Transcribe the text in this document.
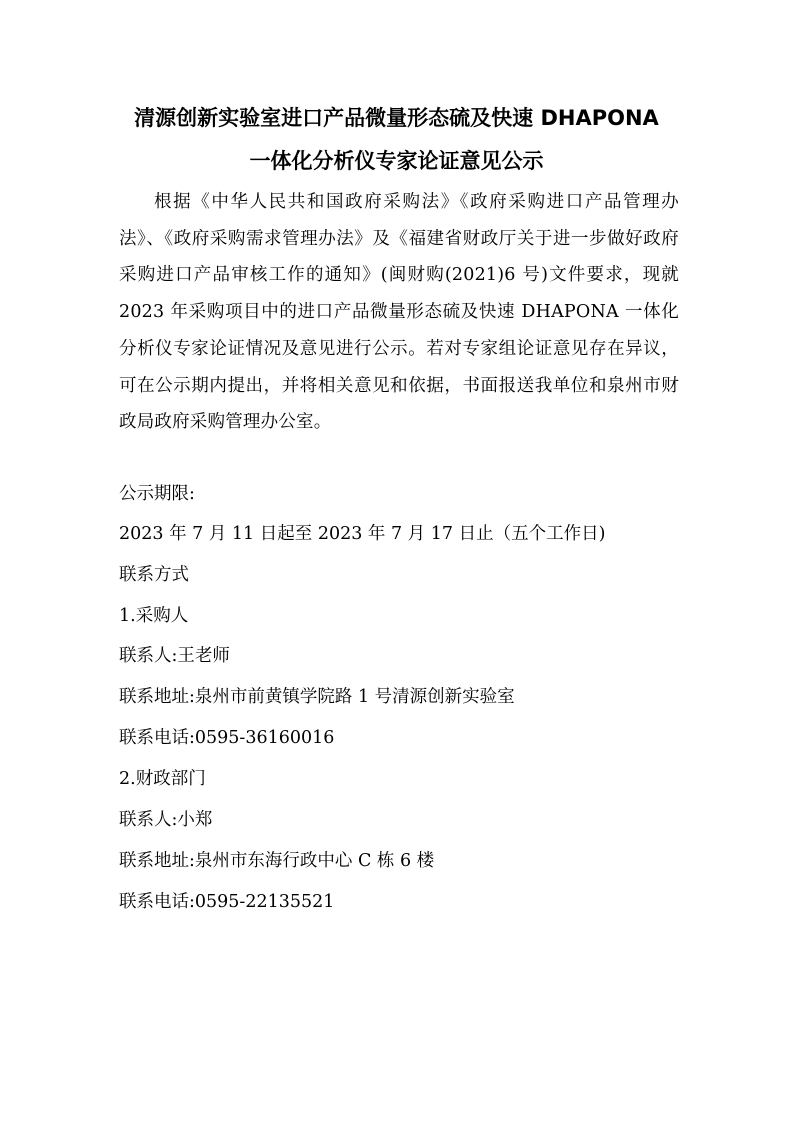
清源创新实验室进口产品微量形态硫及快速 DHAPONA
一体化分析仪专家论证意见公示
根据《中华人民共和国政府采购法》《政府采购进口产品管理办法》、《政府采购需求管理办法》及《福建省财政厅关于进一步做好政府采购进口产品审核工作的通知》(闽财购(2021)6 号)文件要求，现就 2023 年采购项目中的进口产品微量形态硫及快速 DHAPONA 一体化分析仪专家论证情况及意见进行公示。若对专家组论证意见存在异议，可在公示期内提出，并将相关意见和依据，书面报送我单位和泉州市财政局政府采购管理办公室。
公示期限:
2023 年 7 月 11 日起至 2023 年 7 月 17 日止（五个工作日)
联系方式
1.采购人
联系人:王老师
联系地址:泉州市前黄镇学院路 1 号清源创新实验室
联系电话:0595-36160016
2.财政部门
联系人:小郑
联系地址:泉州市东海行政中心 C 栋 6 楼
联系电话:0595-22135521
